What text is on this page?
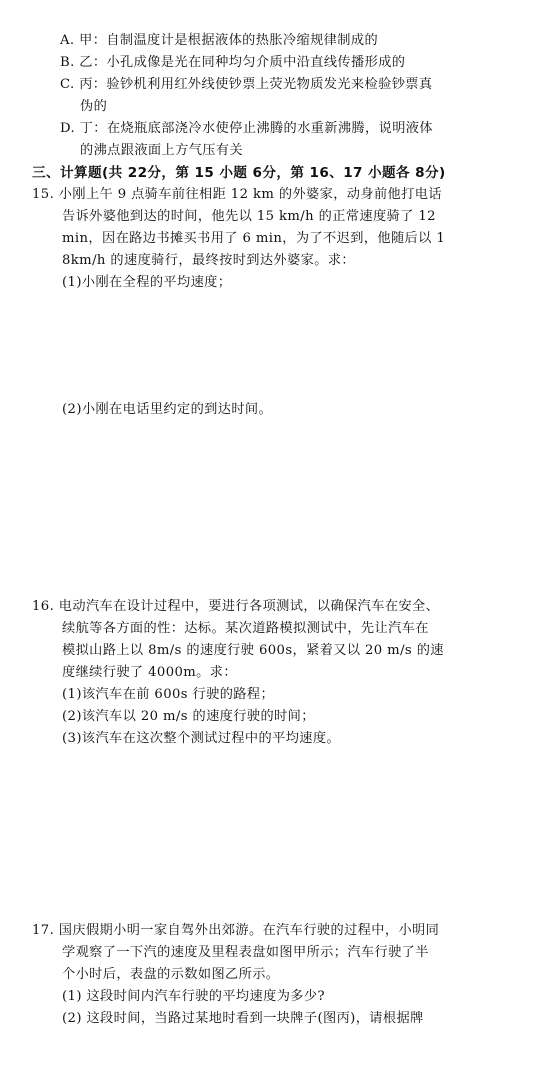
A. 甲：自制温度计是根据液体的热胀冷缩规律制成的
B. 乙：小孔成像是光在同种均匀介质中沿直线传播形成的
C. 丙：验钞机利用红外线使钞票上荧光物质发光来检验钞票真
伪的
D. 丁：在烧瓶底部浇冷水使停止沸腾的水重新沸腾，说明液体
的沸点跟液面上方气压有关
三、计算题(共 22分，第 15 小题 6分，第 16、17 小题各 8分)
15. 小刚上午 9 点骑车前往相距 12 km 的外婆家，动身前他打电话
告诉外婆他到达的时间，他先以 15 km/h 的正常速度骑了 12
min，因在路边书摊买书用了 6 min，为了不迟到，他随后以 1
8km/h 的速度骑行，最终按时到达外婆家。求：
(1)小刚在全程的平均速度；
(2)小刚在电话里约定的到达时间。
16. 电动汽车在设计过程中，要进行各项测试，以确保汽车在安全、
续航等各方面的性：达标。某次道路模拟测试中，先让汽车在
模拟山路上以 8m/s 的速度行驶 600s，紧着又以 20 m/s 的速
度继续行驶了 4000m。求：
(1)该汽车在前 600s 行驶的路程；
(2)该汽车以 20 m/s 的速度行驶的时间；
(3)该汽车在这次整个测试过程中的平均速度。
17. 国庆假期小明一家自驾外出郊游。在汽车行驶的过程中，小明同
学观察了一下汽的速度及里程表盘如图甲所示；汽车行驶了半
个小时后，表盘的示数如图乙所示。
(1) 这段时间内汽车行驶的平均速度为多少?
(2) 这段时间，当路过某地时看到一块牌子(图丙)，请根据牌
